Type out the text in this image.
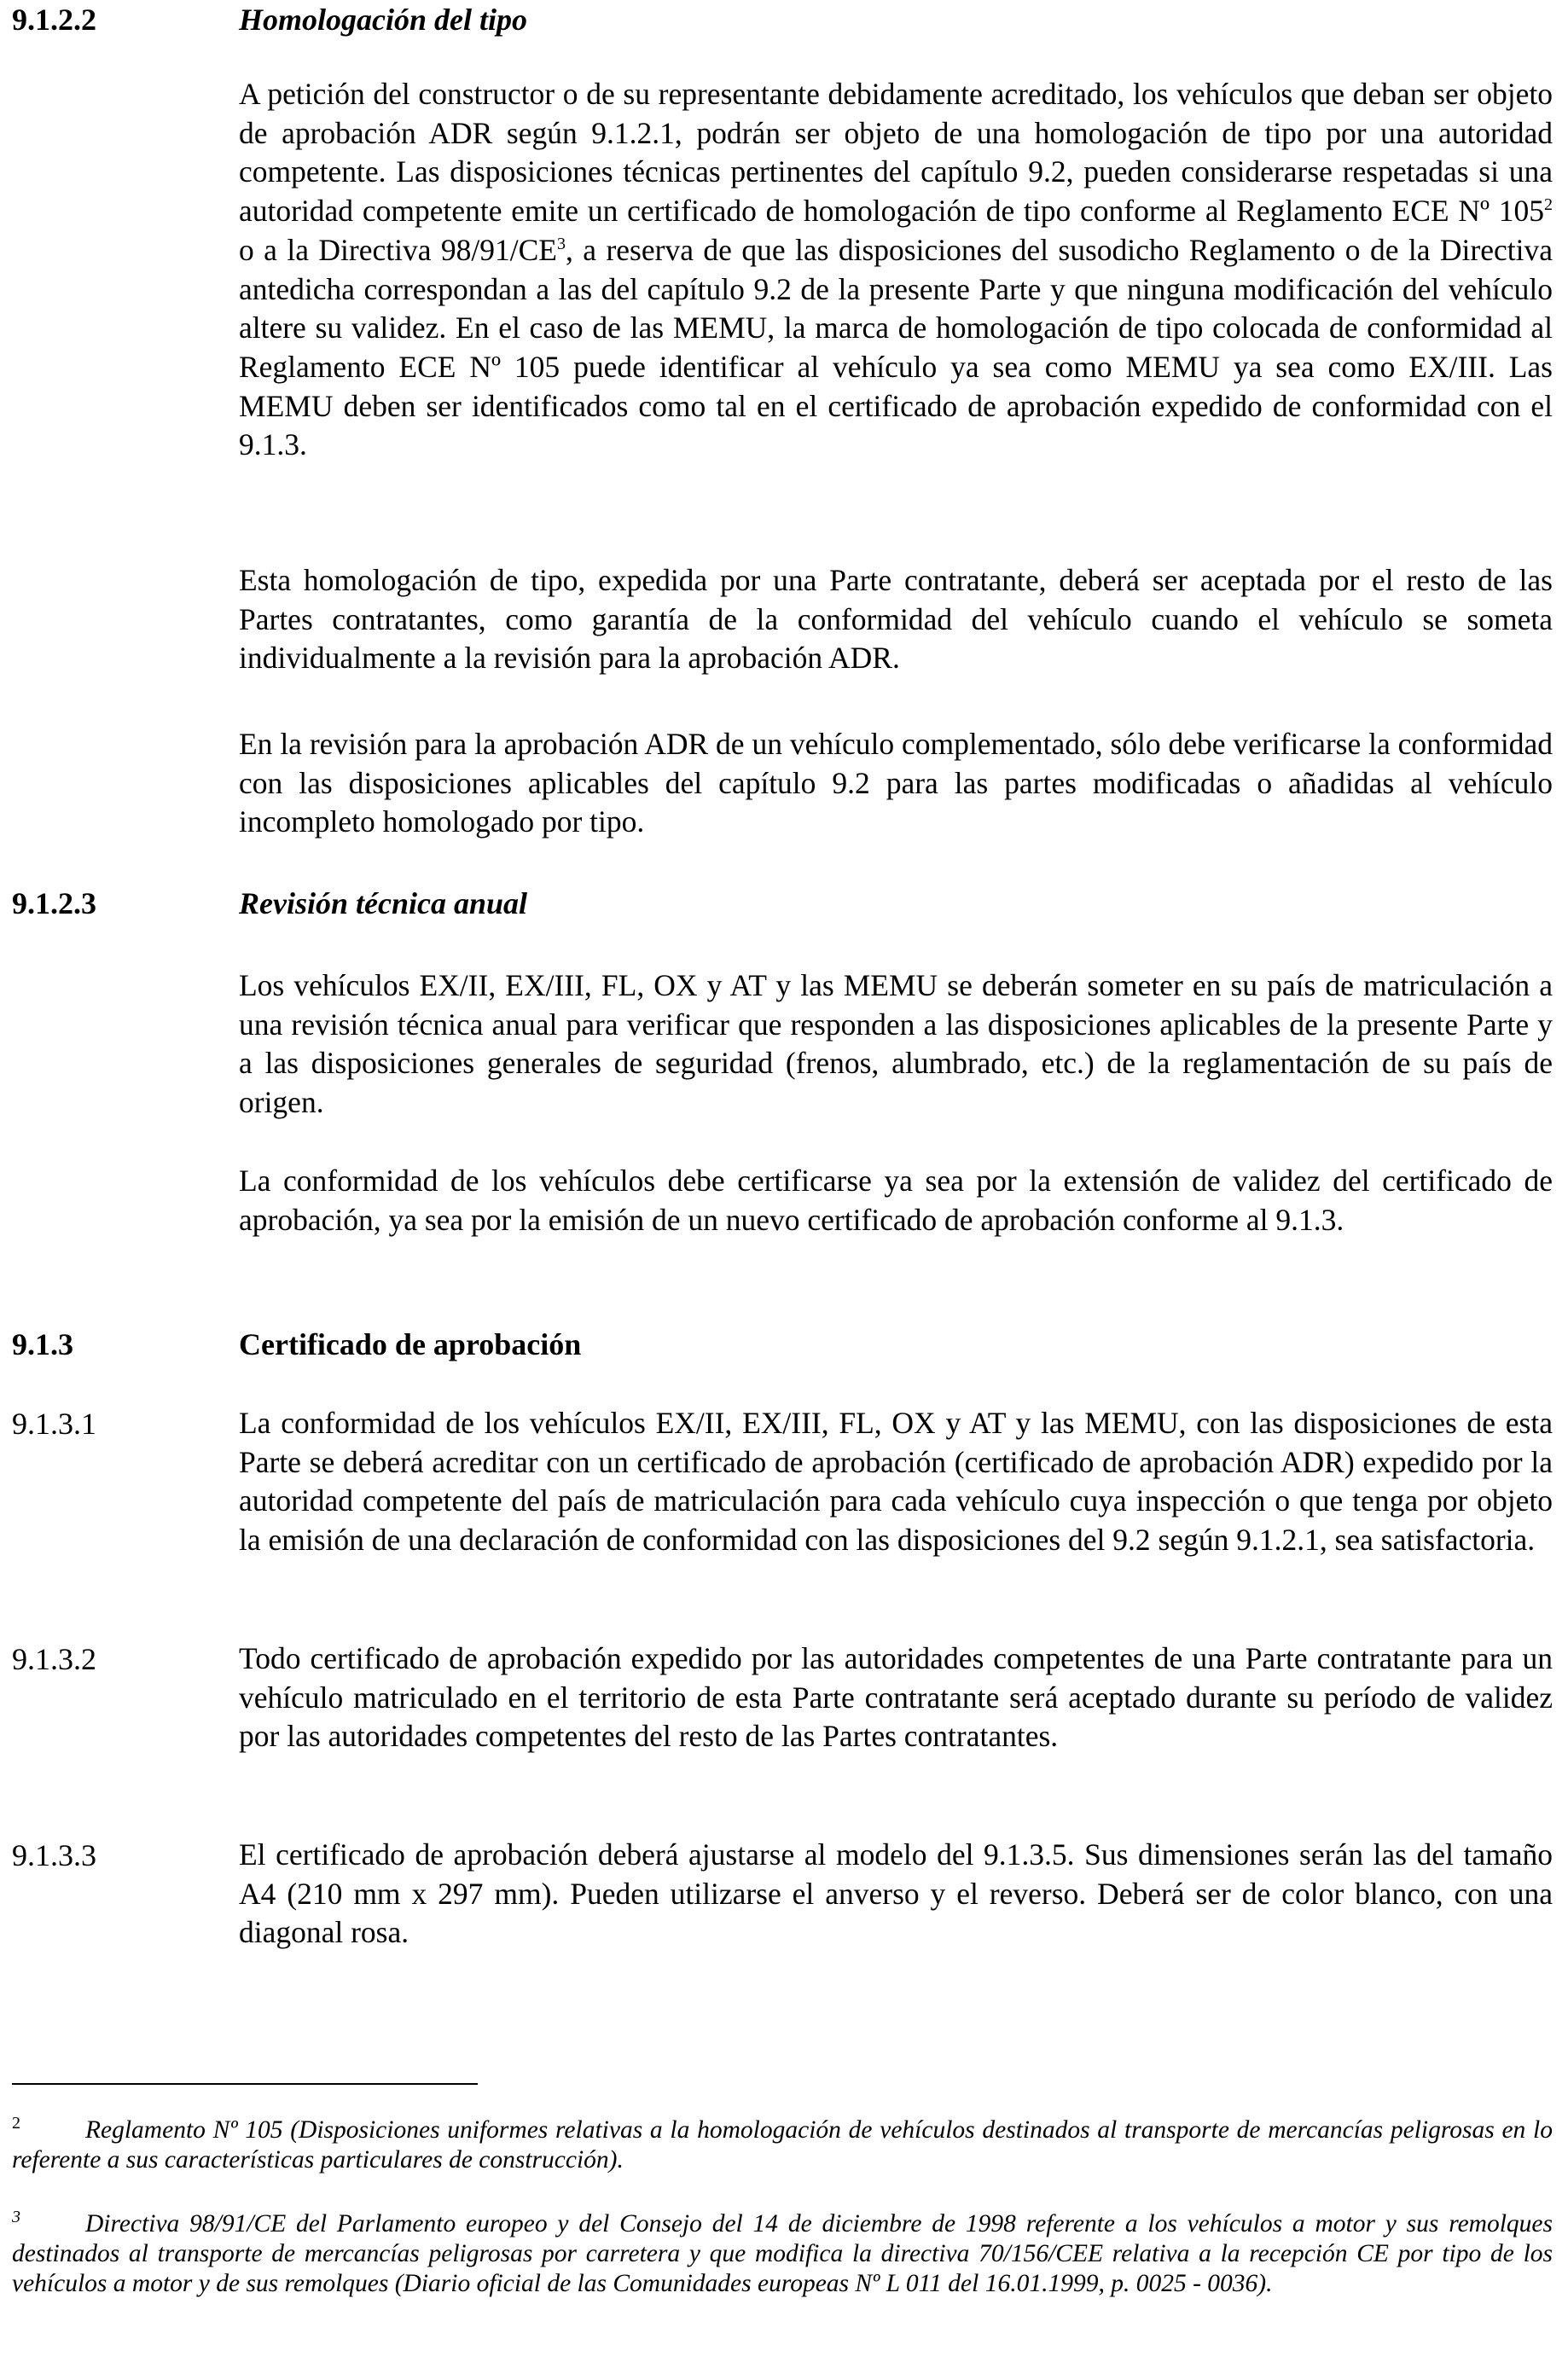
9.1.2.2	Homologación del tipo

A petición del constructor o de su representante debidamente acreditado, los vehículos que deban ser objeto de aprobación ADR según 9.1.2.1, podrán ser objeto de una homologación de tipo por una autoridad competente. Las disposiciones técnicas pertinentes del capítulo 9.2, pueden considerarse respetadas si una autoridad competente emite un certificado de homologación de tipo conforme al Reglamento ECE Nº $105^2$ o a la Directiva $98/91/CE^3$, a reserva de que las disposiciones del susodicho Reglamento o de la Directiva antedicha correspondan a las del capítulo 9.2 de la presente Parte y que ninguna modificación del vehículo altere su validez. En el caso de las MEMU, la marca de homologación de tipo colocada de conformidad al Reglamento ECE Nº 105 puede identificar al vehículo ya sea como MEMU ya sea como EX/III. Las MEMU deben ser identificados como tal en el certificado de aprobación expedido de conformidad con el 9.1.3.

Esta homologación de tipo, expedida por una Parte contratante, deberá ser aceptada por el resto de las Partes contratantes, como garantía de la conformidad del vehículo cuando el vehículo se someta individualmente a la revisión para la aprobación ADR.

En la revisión para la aprobación ADR de un vehículo complementado, sólo debe verificarse la conformidad con las disposiciones aplicables del capítulo 9.2 para las partes modificadas o añadidas al vehículo incompleto homologado por tipo.

9.1.2.3	Revisión técnica anual

Los vehículos EX/II, EX/III, FL, OX y AT y las MEMU se deberán someter en su país de matriculación a una revisión técnica anual para verificar que responden a las disposiciones aplicables de la presente Parte y a las disposiciones generales de seguridad (frenos, alumbrado, etc.) de la reglamentación de su país de origen.

La conformidad de los vehículos debe certificarse ya sea por la extensión de validez del certificado de aprobación, ya sea por la emisión de un nuevo certificado de aprobación conforme al 9.1.3.

9.1.3	Certificado de aprobación
9.1.3.1	La conformidad de los vehículos EX/II, EX/III, FL, OX y AT y las MEMU, con las disposiciones de esta Parte se deberá acreditar con un certificado de aprobación (certificado de aprobación ADR) expedido por la autoridad competente del país de matriculación para cada vehículo cuya inspección o que tenga por objeto la emisión de una declaración de conformidad con las disposiciones del 9.2 según 9.1.2.1, sea satisfactoria.

9.1.3.2	Todo certificado de aprobación expedido por las autoridades competentes de una Parte contratante para un vehículo matriculado en el territorio de esta Parte contratante será aceptado durante su período de validez por las autoridades competentes del resto de las Partes contratantes.

9.1.3.3	El certificado de aprobación deberá ajustarse al modelo del 9.1.3.5. Sus dimensiones serán las del tamaño A4 (210 mm x 297 mm). Pueden utilizarse el anverso y el reverso. Deberá ser de color blanco, con una diagonal rosa.

$^2$	Reglamento Nº 105 (Disposiciones uniformes relativas a la homologación de vehículos destinados al transporte de mercancías peligrosas en lo referente a sus características particulares de construcción).

$^3$	Directiva 98/91/CE del Parlamento europeo y del Consejo del 14 de diciembre de 1998 referente a los vehículos a motor y sus remolques destinados al transporte de mercancías peligrosas por carretera y que modifica la directiva 70/156/CEE relativa a la recepción CE por tipo de los vehículos a motor y de sus remolques (Diario oficial de las Comunidades europeas Nº L 011 del 16.01.1999, p. 0025 - 0036).
